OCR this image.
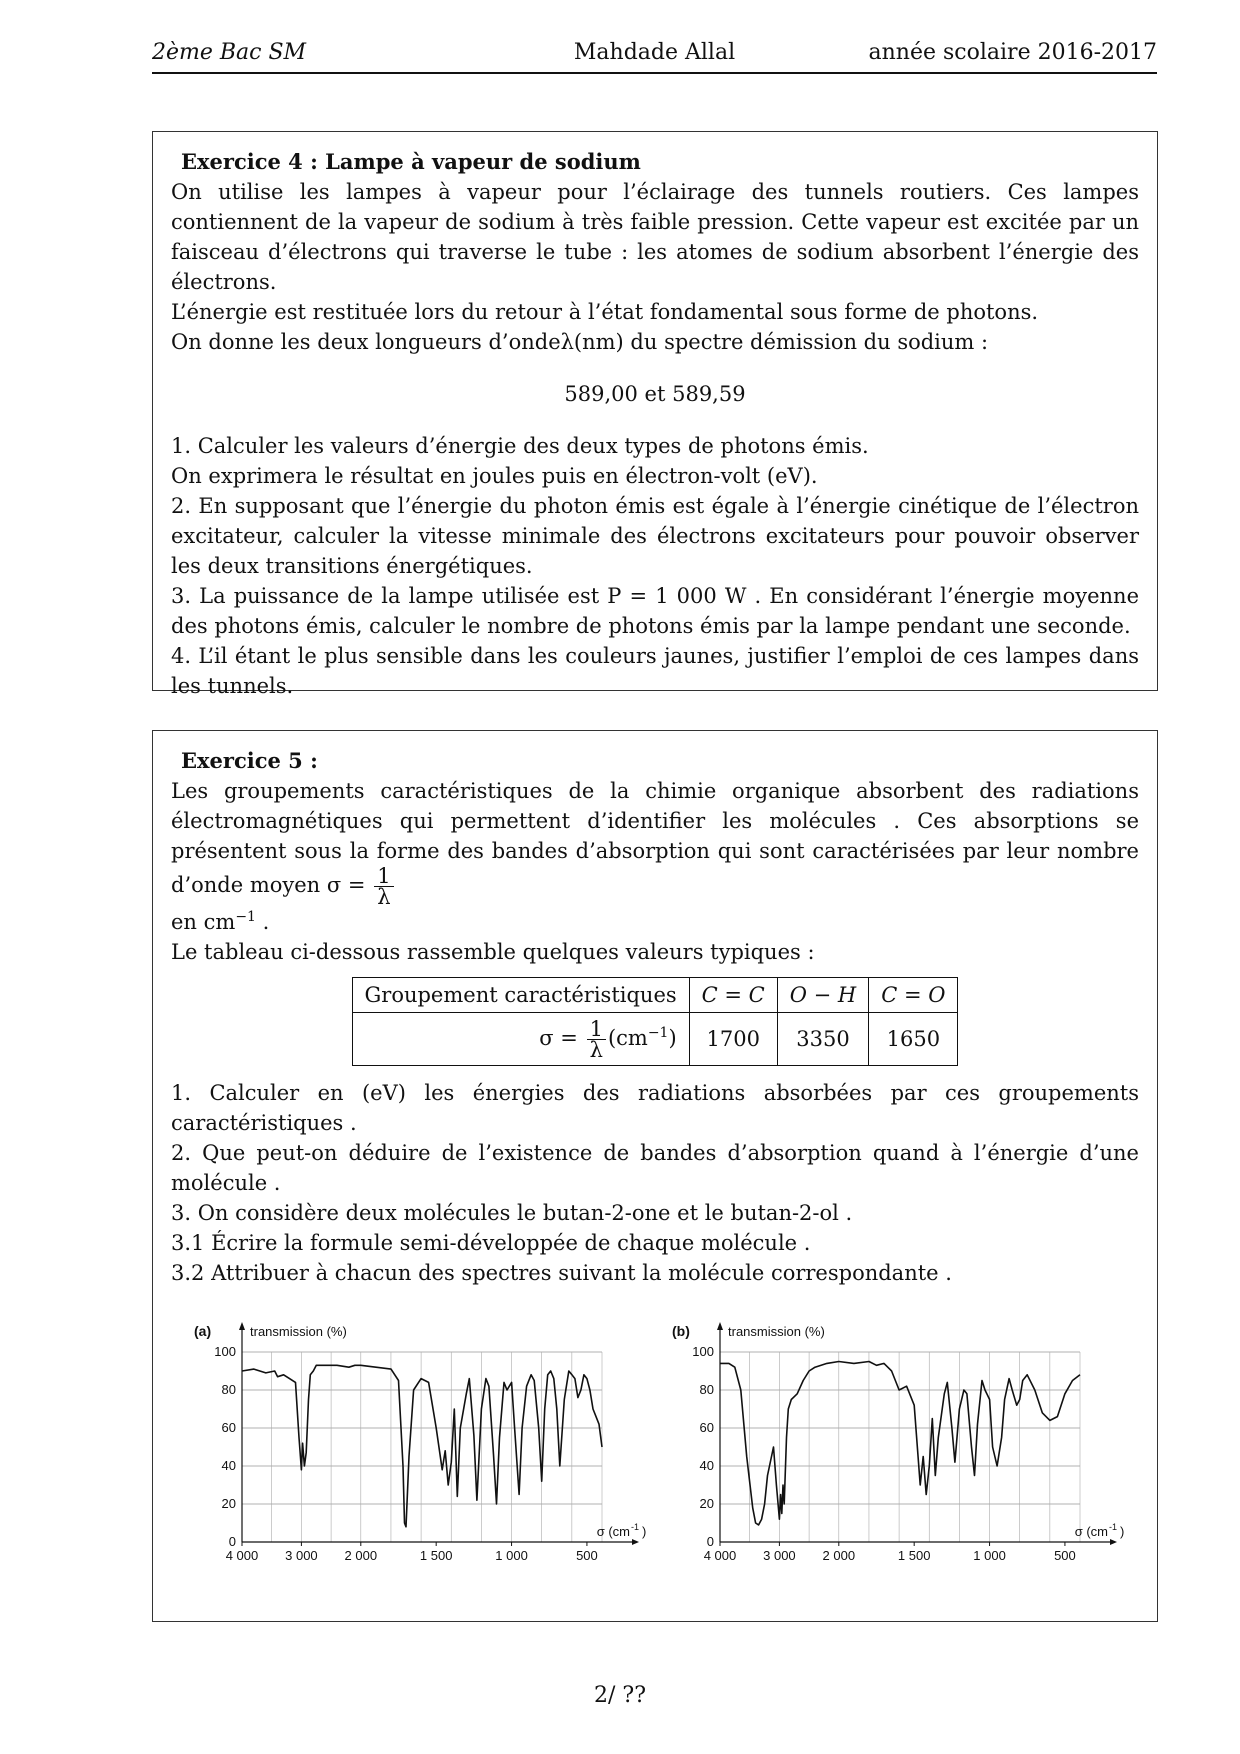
2ème Bac SM	Mahdade Allal	année scolaire 2016-2017

Exercice 4 : Lampe à vapeur de sodium

On utilise les lampes à vapeur pour l’éclairage des tunnels routiers. Ces lampes contiennent de la vapeur de sodium à très faible pression. Cette vapeur est excitée par un faisceau d’électrons qui traverse le tube : les atomes de sodium absorbent l’énergie des électrons.

L’énergie est restituée lors du retour à l’état fondamental sous forme de photons.

On donne les deux longueurs d’ondeλ(nm) du spectre démission du sodium :

589,00 et 589,59

1. Calculer les valeurs d’énergie des deux types de photons émis.

On exprimera le résultat en joules puis en électron-volt (eV).

2. En supposant que l’énergie du photon émis est égale à l’énergie cinétique de l’électron excitateur, calculer la vitesse minimale des électrons excitateurs pour pouvoir observer les deux transitions énergétiques.

3. La puissance de la lampe utilisée est P = 1 000 W . En considérant l’énergie moyenne des photons émis, calculer le nombre de photons émis par la lampe pendant une seconde.

4. L’il étant le plus sensible dans les couleurs jaunes, justifier l’emploi de ces lampes dans les tunnels.

Exercice 5 :

Les groupements caractéristiques de la chimie organique absorbent des radiations électromagnétiques qui permettent d’identifier les molécules . Ces absorptions se présentent sous la forme des bandes d’absorption qui sont caractérisées par leur nombre d’onde moyen $\sigma = \frac{1}{\lambda}$

en $cm^{-1}$ .

Le tableau ci-dessous rassemble quelques valeurs typiques :

Groupement caractéristiques	C = C	O − H	C = O
$\sigma = \frac{1}{\lambda} (cm^{-1})$	1700	3350	1650

1. Calculer en (eV) les énergies des radiations absorbées par ces groupements caractéristiques .

2. Que peut-on déduire de l’existence de bandes d’absorption quand à l’énergie d’une molécule .

3. On considère deux molécules le butan-2-one et le butan-2-ol .

3.1 Écrire la formule semi-développée de chaque molécule .

3.2 Attribuer à chacun des spectres suivant la molécule correspondante .

100
80
60
40
20
0
(a)	transmission (%)
σ (cm -1 )
4 000 3 000 2 000	1 500	1 000	500
100
80
60
40
20
0
(b)	transmission (%)
σ (cm -1 )
4 000 3 000 2 000	1 500	1 000	500
2/ ??
